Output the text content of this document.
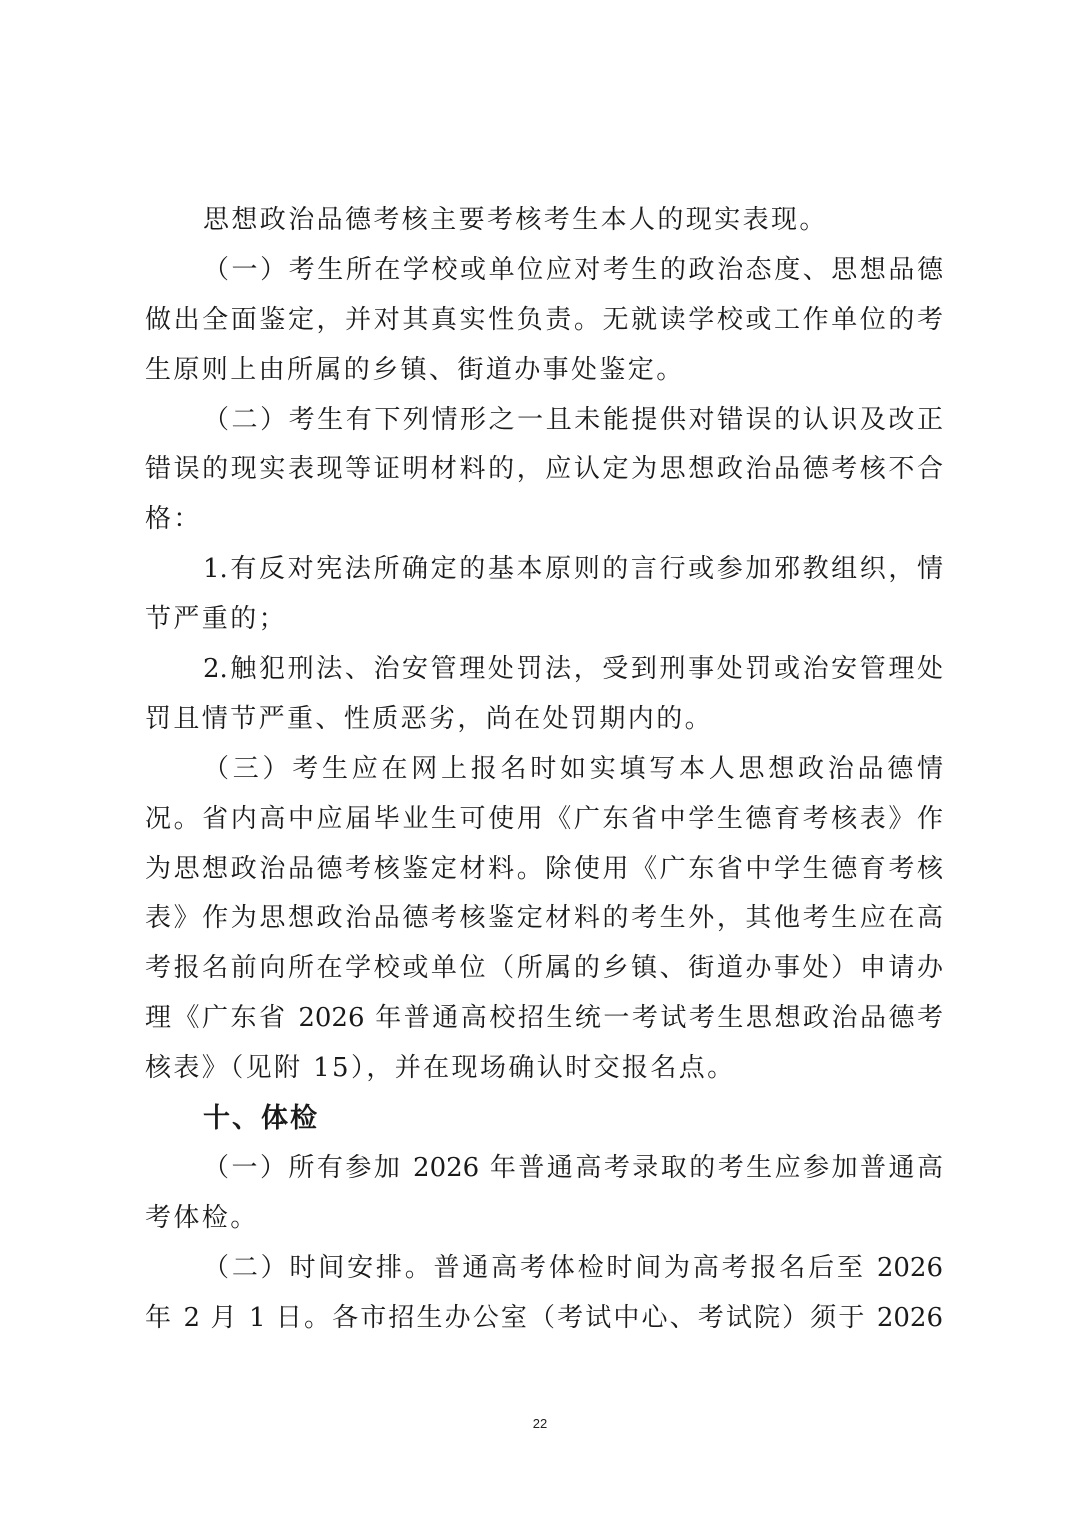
思想政治品德考核主要考核考生本人的现实表现。
（一）考生所在学校或单位应对考生的政治态度、思想品德
做出全面鉴定，并对其真实性负责。无就读学校或工作单位的考
生原则上由所属的乡镇、街道办事处鉴定。
（二）考生有下列情形之一且未能提供对错误的认识及改正
错误的现实表现等证明材料的，应认定为思想政治品德考核不合
格：
1.有反对宪法所确定的基本原则的言行或参加邪教组织，情
节严重的；
2.触犯刑法、治安管理处罚法，受到刑事处罚或治安管理处
罚且情节严重、性质恶劣，尚在处罚期内的。
（三）考生应在网上报名时如实填写本人思想政治品德情
况。省内高中应届毕业生可使用《广东省中学生德育考核表》作
为思想政治品德考核鉴定材料。除使用《广东省中学生德育考核
表》作为思想政治品德考核鉴定材料的考生外，其他考生应在高
考报名前向所在学校或单位（所属的乡镇、街道办事处）申请办
理《广东省 2026 年普通高校招生统一考试考生思想政治品德考
核表》（见附 15），并在现场确认时交报名点。
十、体检
（一）所有参加 2026 年普通高考录取的考生应参加普通高
考体检。
（二）时间安排。普通高考体检时间为高考报名后至 2026
年 2 月 1 日。各市招生办公室（考试中心、考试院）须于 2026
22
